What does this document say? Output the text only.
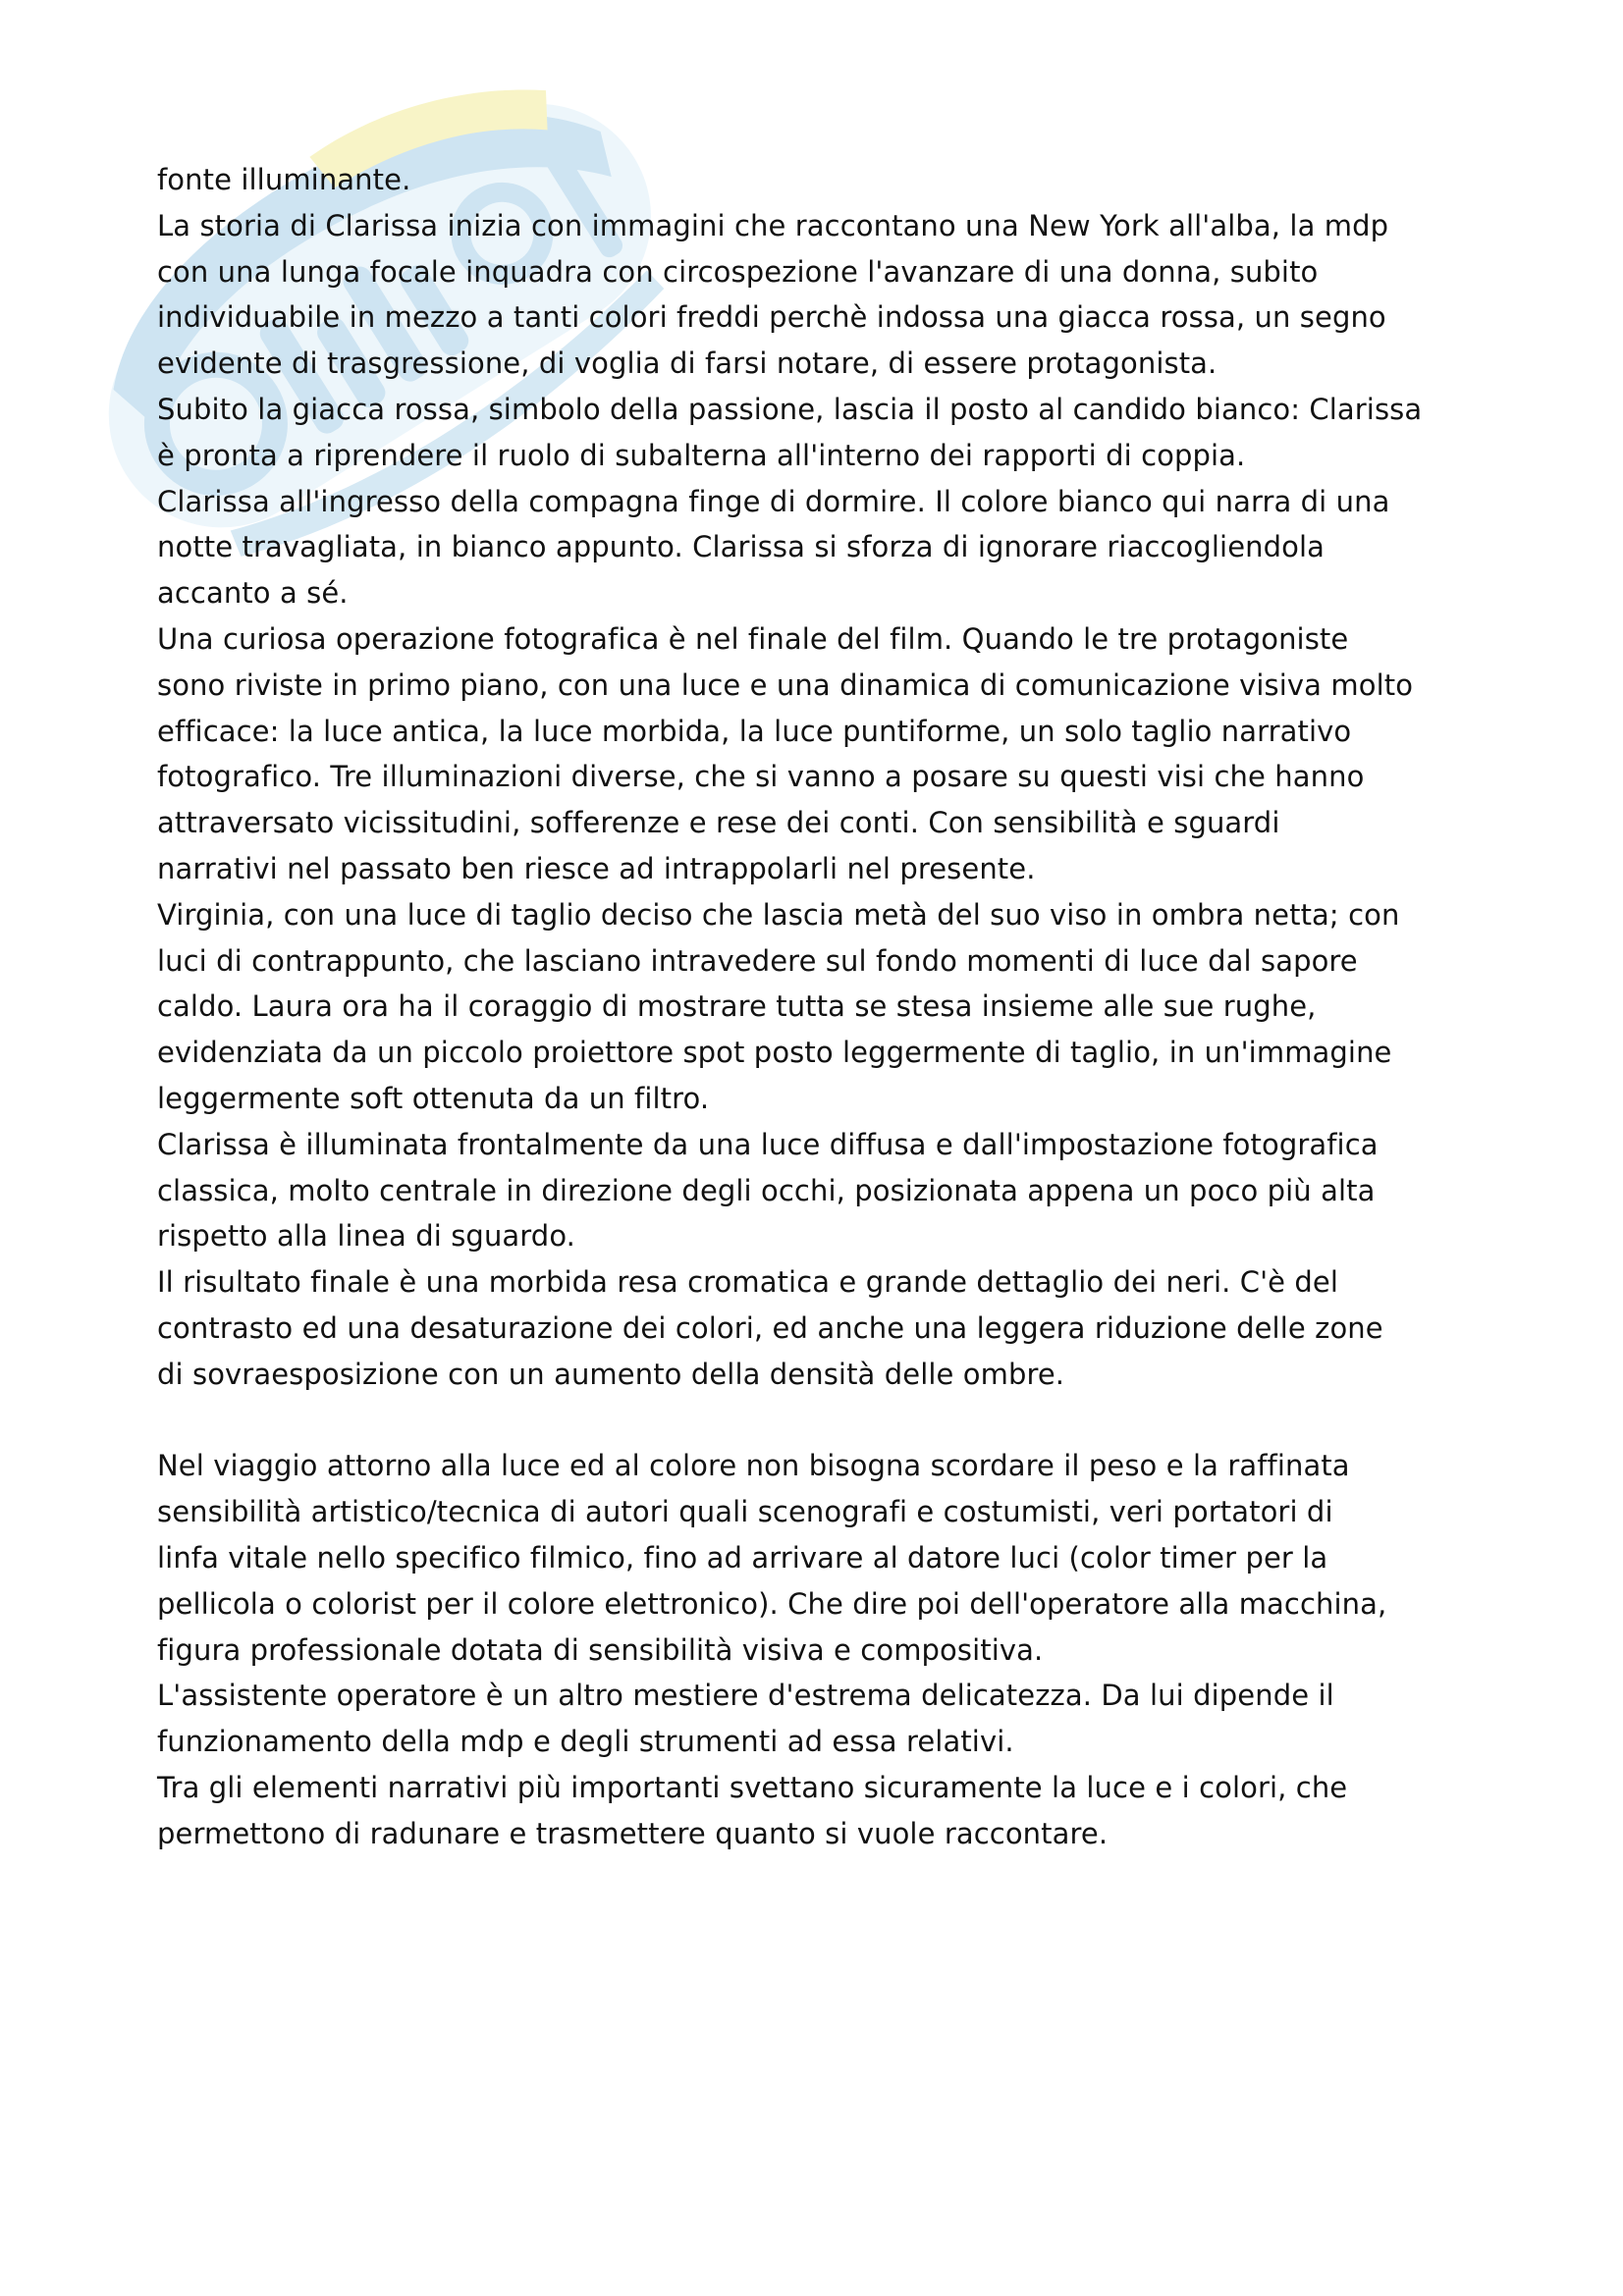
fonte illuminante.
La storia di Clarissa inizia con immagini che raccontano una New York all'alba, la mdp
con una lunga focale inquadra con circospezione l'avanzare di una donna, subito
individuabile in mezzo a tanti colori freddi perchè indossa una giacca rossa, un segno
evidente di trasgressione, di voglia di farsi notare, di essere protagonista.
Subito la giacca rossa, simbolo della passione, lascia il posto al candido bianco: Clarissa
è pronta a riprendere il ruolo di subalterna all'interno dei rapporti di coppia.
Clarissa all'ingresso della compagna finge di dormire. Il colore bianco qui narra di una
notte travagliata, in bianco appunto. Clarissa si sforza di ignorare riaccogliendola
accanto a sé.
Una curiosa operazione fotografica è nel finale del film. Quando le tre protagoniste
sono riviste in primo piano, con una luce e una dinamica di comunicazione visiva molto
efficace: la luce antica, la luce morbida, la luce puntiforme, un solo taglio narrativo
fotografico. Tre illuminazioni diverse, che si vanno a posare su questi visi che hanno
attraversato vicissitudini, sofferenze e rese dei conti. Con sensibilità e sguardi
narrativi nel passato ben riesce ad intrappolarli nel presente.
Virginia, con una luce di taglio deciso che lascia metà del suo viso in ombra netta; con
luci di contrappunto, che lasciano intravedere sul fondo momenti di luce dal sapore
caldo. Laura ora ha il coraggio di mostrare tutta se stesa insieme alle sue rughe,
evidenziata da un piccolo proiettore spot posto leggermente di taglio, in un'immagine
leggermente soft ottenuta da un filtro.
Clarissa è illuminata frontalmente da una luce diffusa e dall'impostazione fotografica
classica, molto centrale in direzione degli occhi, posizionata appena un poco più alta
rispetto alla linea di sguardo.
Il risultato finale è una morbida resa cromatica e grande dettaglio dei neri. C'è del
contrasto ed una desaturazione dei colori, ed anche una leggera riduzione delle zone
di sovraesposizione con un aumento della densità delle ombre.
Nel viaggio attorno alla luce ed al colore non bisogna scordare il peso e la raffinata
sensibilità artistico/tecnica di autori quali scenografi e costumisti, veri portatori di
linfa vitale nello specifico filmico, fino ad arrivare al datore luci (color timer per la
pellicola o colorist per il colore elettronico). Che dire poi dell'operatore alla macchina,
figura professionale dotata di sensibilità visiva e compositiva.
L'assistente operatore è un altro mestiere d'estrema delicatezza. Da lui dipende il
funzionamento della mdp e degli strumenti ad essa relativi.
Tra gli elementi narrativi più importanti svettano sicuramente la luce e i colori, che
permettono di radunare e trasmettere quanto si vuole raccontare.
